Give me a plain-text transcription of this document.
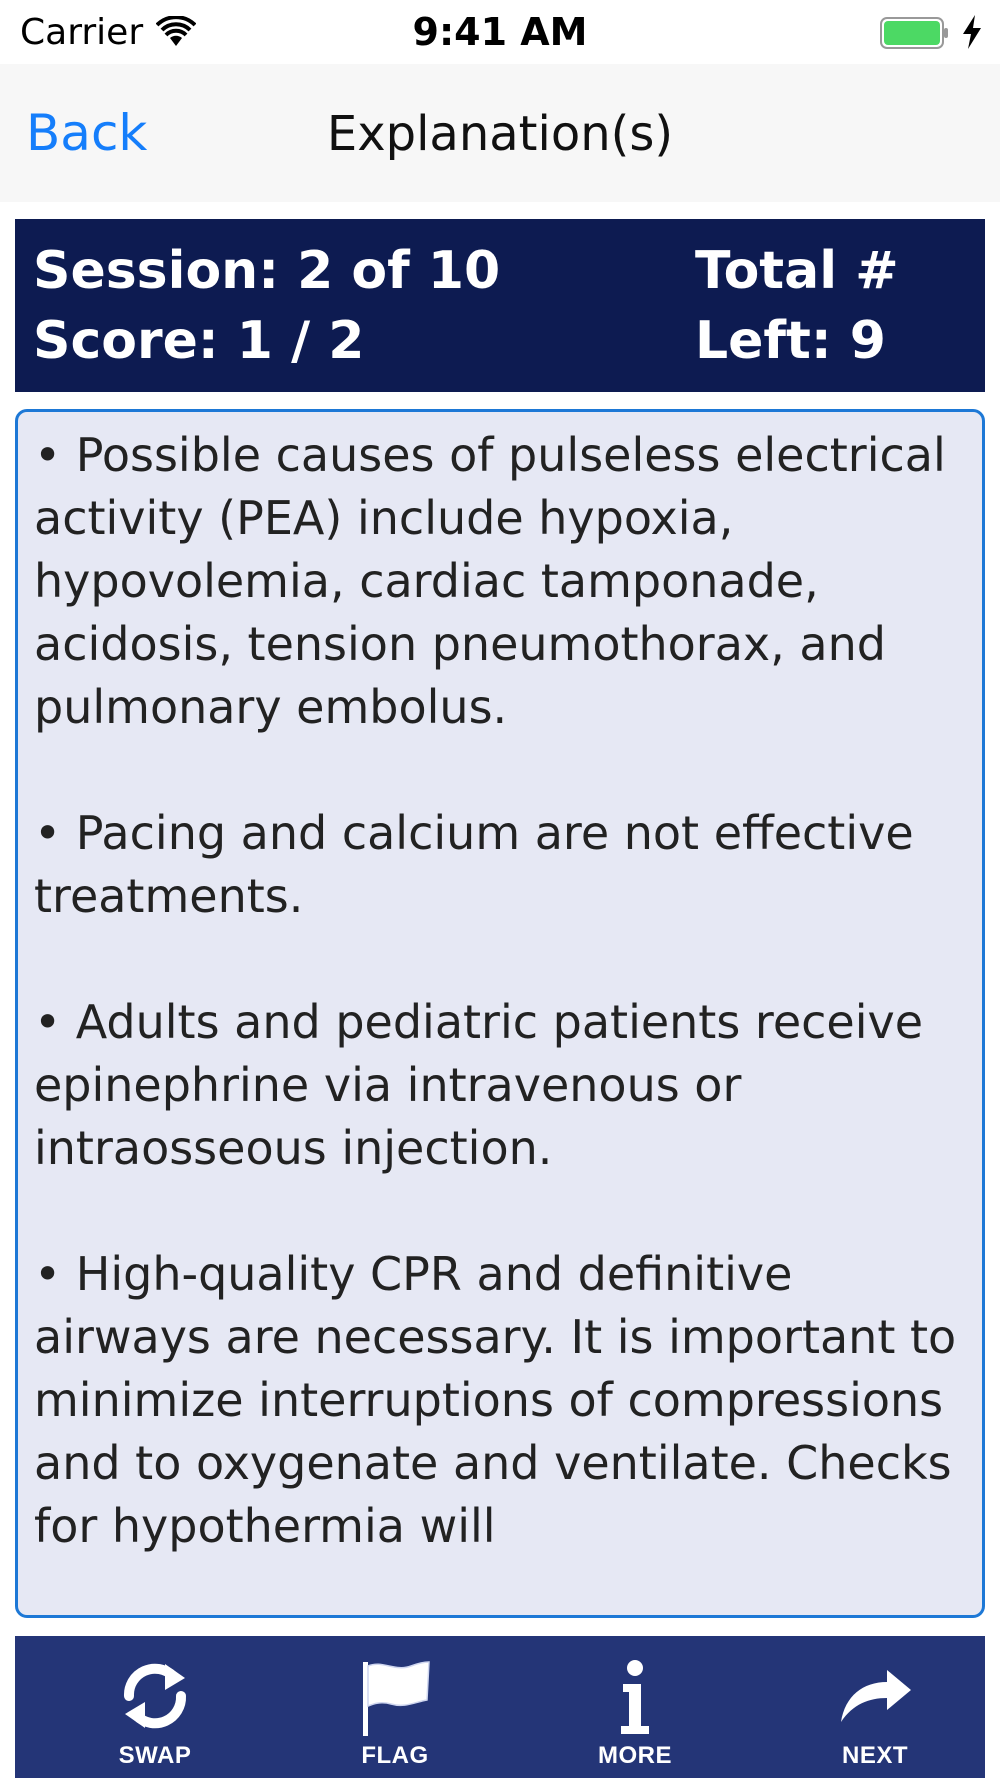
Carrier	9:41 AM
Back	Explanation(s)
Session: 2 of 10
Score: 1 / 2
Total #
Left: 9

• Possible causes of pulseless electrical activity (PEA) include hypoxia, hypovolemia, cardiac tamponade, acidosis, tension pneumothorax, and pulmonary embolus.

• Pacing and calcium are not effective treatments.

• Adults and pediatric patients receive epinephrine via intravenous or intraosseous injection.

• High-quality CPR and definitive airways are necessary. It is important to minimize interruptions of compressions and to oxygenate and ventilate. Checks for hypothermia will

SWAP	FLAG	MORE	NEXT
